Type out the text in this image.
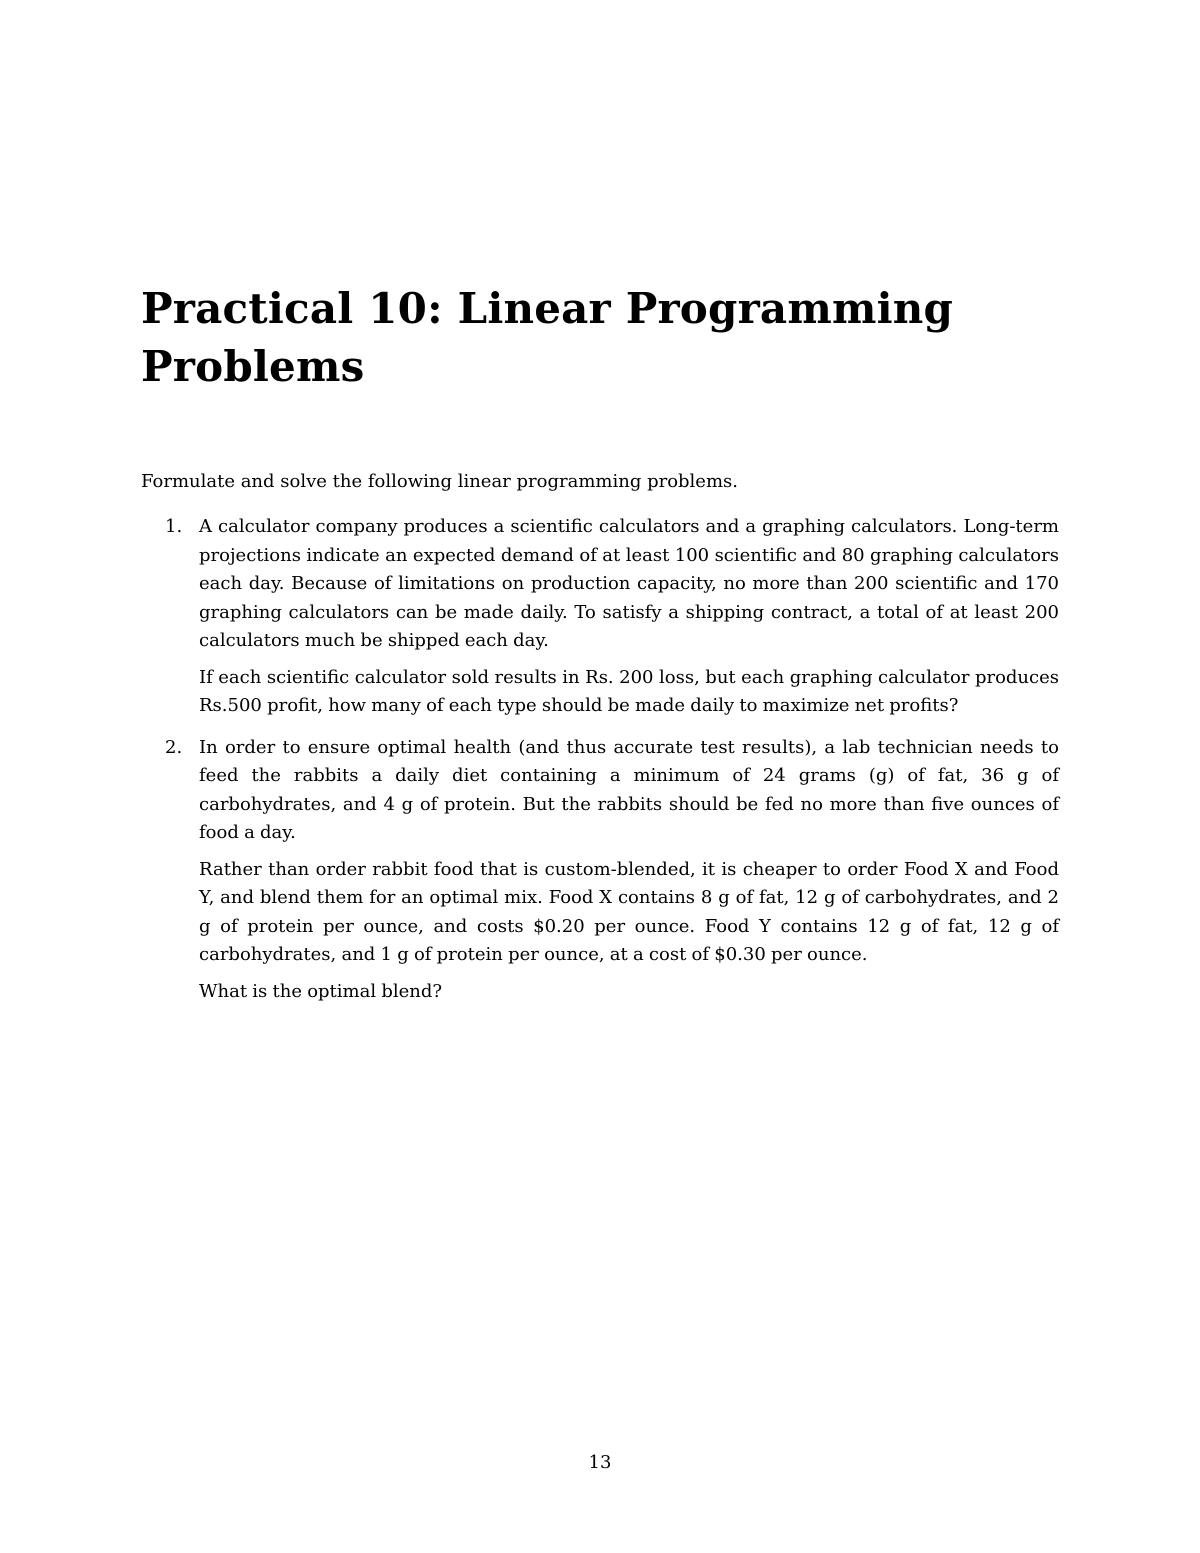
Practical 10: Linear Programming Problems

Formulate and solve the following linear programming problems.

1. A calculator company produces a scientific calculators and a graphing calculators. Long-term projections indicate an expected demand of at least 100 scientific and 80 graphing calculators each day. Because of limitations on production capacity, no more than 200 scientific and 170 graphing calculators can be made daily. To satisfy a shipping contract, a total of at least 200 calculators much be shipped each day.

If each scientific calculator sold results in Rs. 200 loss, but each graphing calculator produces Rs.500 profit, how many of each type should be made daily to maximize net profits?

2. In order to ensure optimal health (and thus accurate test results), a lab technician needs to feed the rabbits a daily diet containing a minimum of 24 grams (g) of fat, 36 g of carbohydrates, and 4 g of protein. But the rabbits should be fed no more than five ounces of food a day.

Rather than order rabbit food that is custom-blended, it is cheaper to order Food X and Food Y, and blend them for an optimal mix. Food X contains 8 g of fat, 12 g of carbohydrates, and 2 g of protein per ounce, and costs $0.20 per ounce. Food Y contains 12 g of fat, 12 g of carbohydrates, and 1 g of protein per ounce, at a cost of $0.30 per ounce.

What is the optimal blend?

13
